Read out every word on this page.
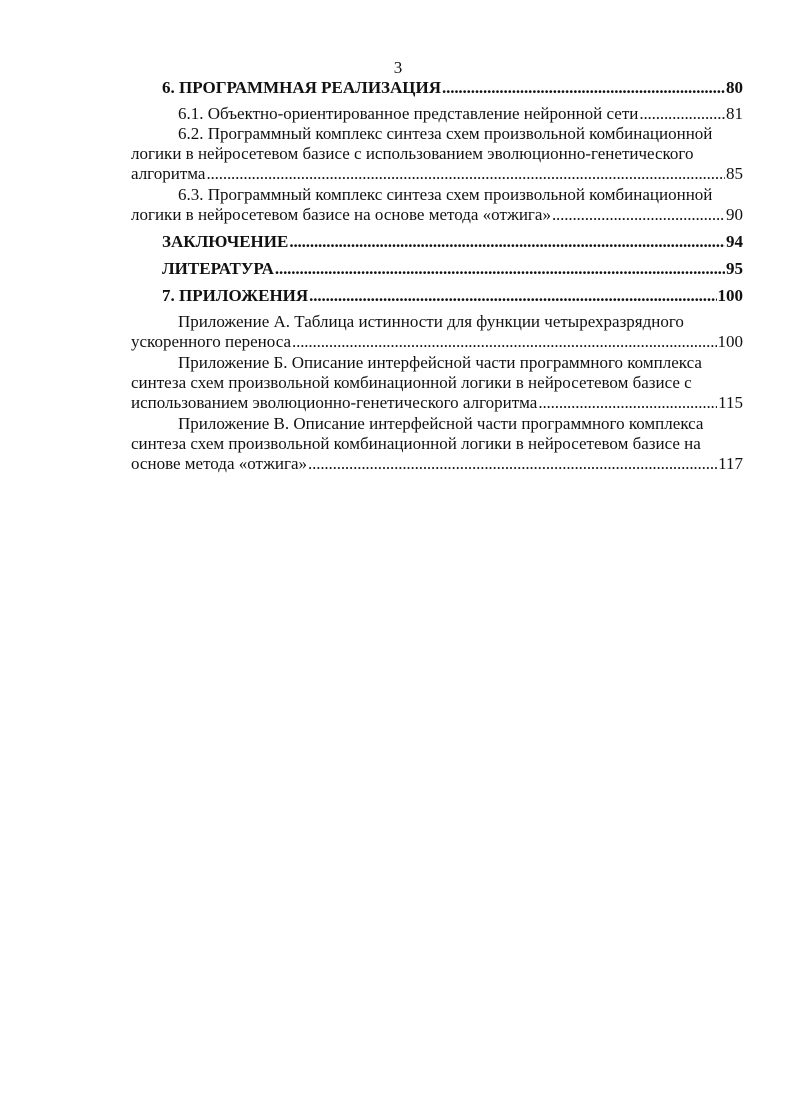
3
6. ПРОГРАММНАЯ РЕАЛИЗАЦИЯ . . .	80
6.1. Объектно-ориентированное представление нейронной сети . . .	81
6.2. Программный комплекс синтеза схем произвольной комбинационной
логики в нейросетевом базисе с использованием эволюционно-генетического
алгоритма . . .	85
6.3. Программный комплекс синтеза схем произвольной комбинационной
логики в нейросетевом базисе на основе метода «отжига» . . .	90
ЗАКЛЮЧЕНИЕ . . .	94
ЛИТЕРАТУРА . . .	95
7. ПРИЛОЖЕНИЯ . . .	100
Приложение А. Таблица истинности для функции четырехразрядного
ускоренного переноса . . .	100
Приложение Б. Описание интерфейсной части программного комплекса
синтеза схем произвольной комбинационной логики в нейросетевом базисе с
использованием эволюционно-генетического алгоритма . . .	115
Приложение В. Описание интерфейсной части программного комплекса
синтеза схем произвольной комбинационной логики в нейросетевом базисе на
основе метода «отжига» . . .	117
